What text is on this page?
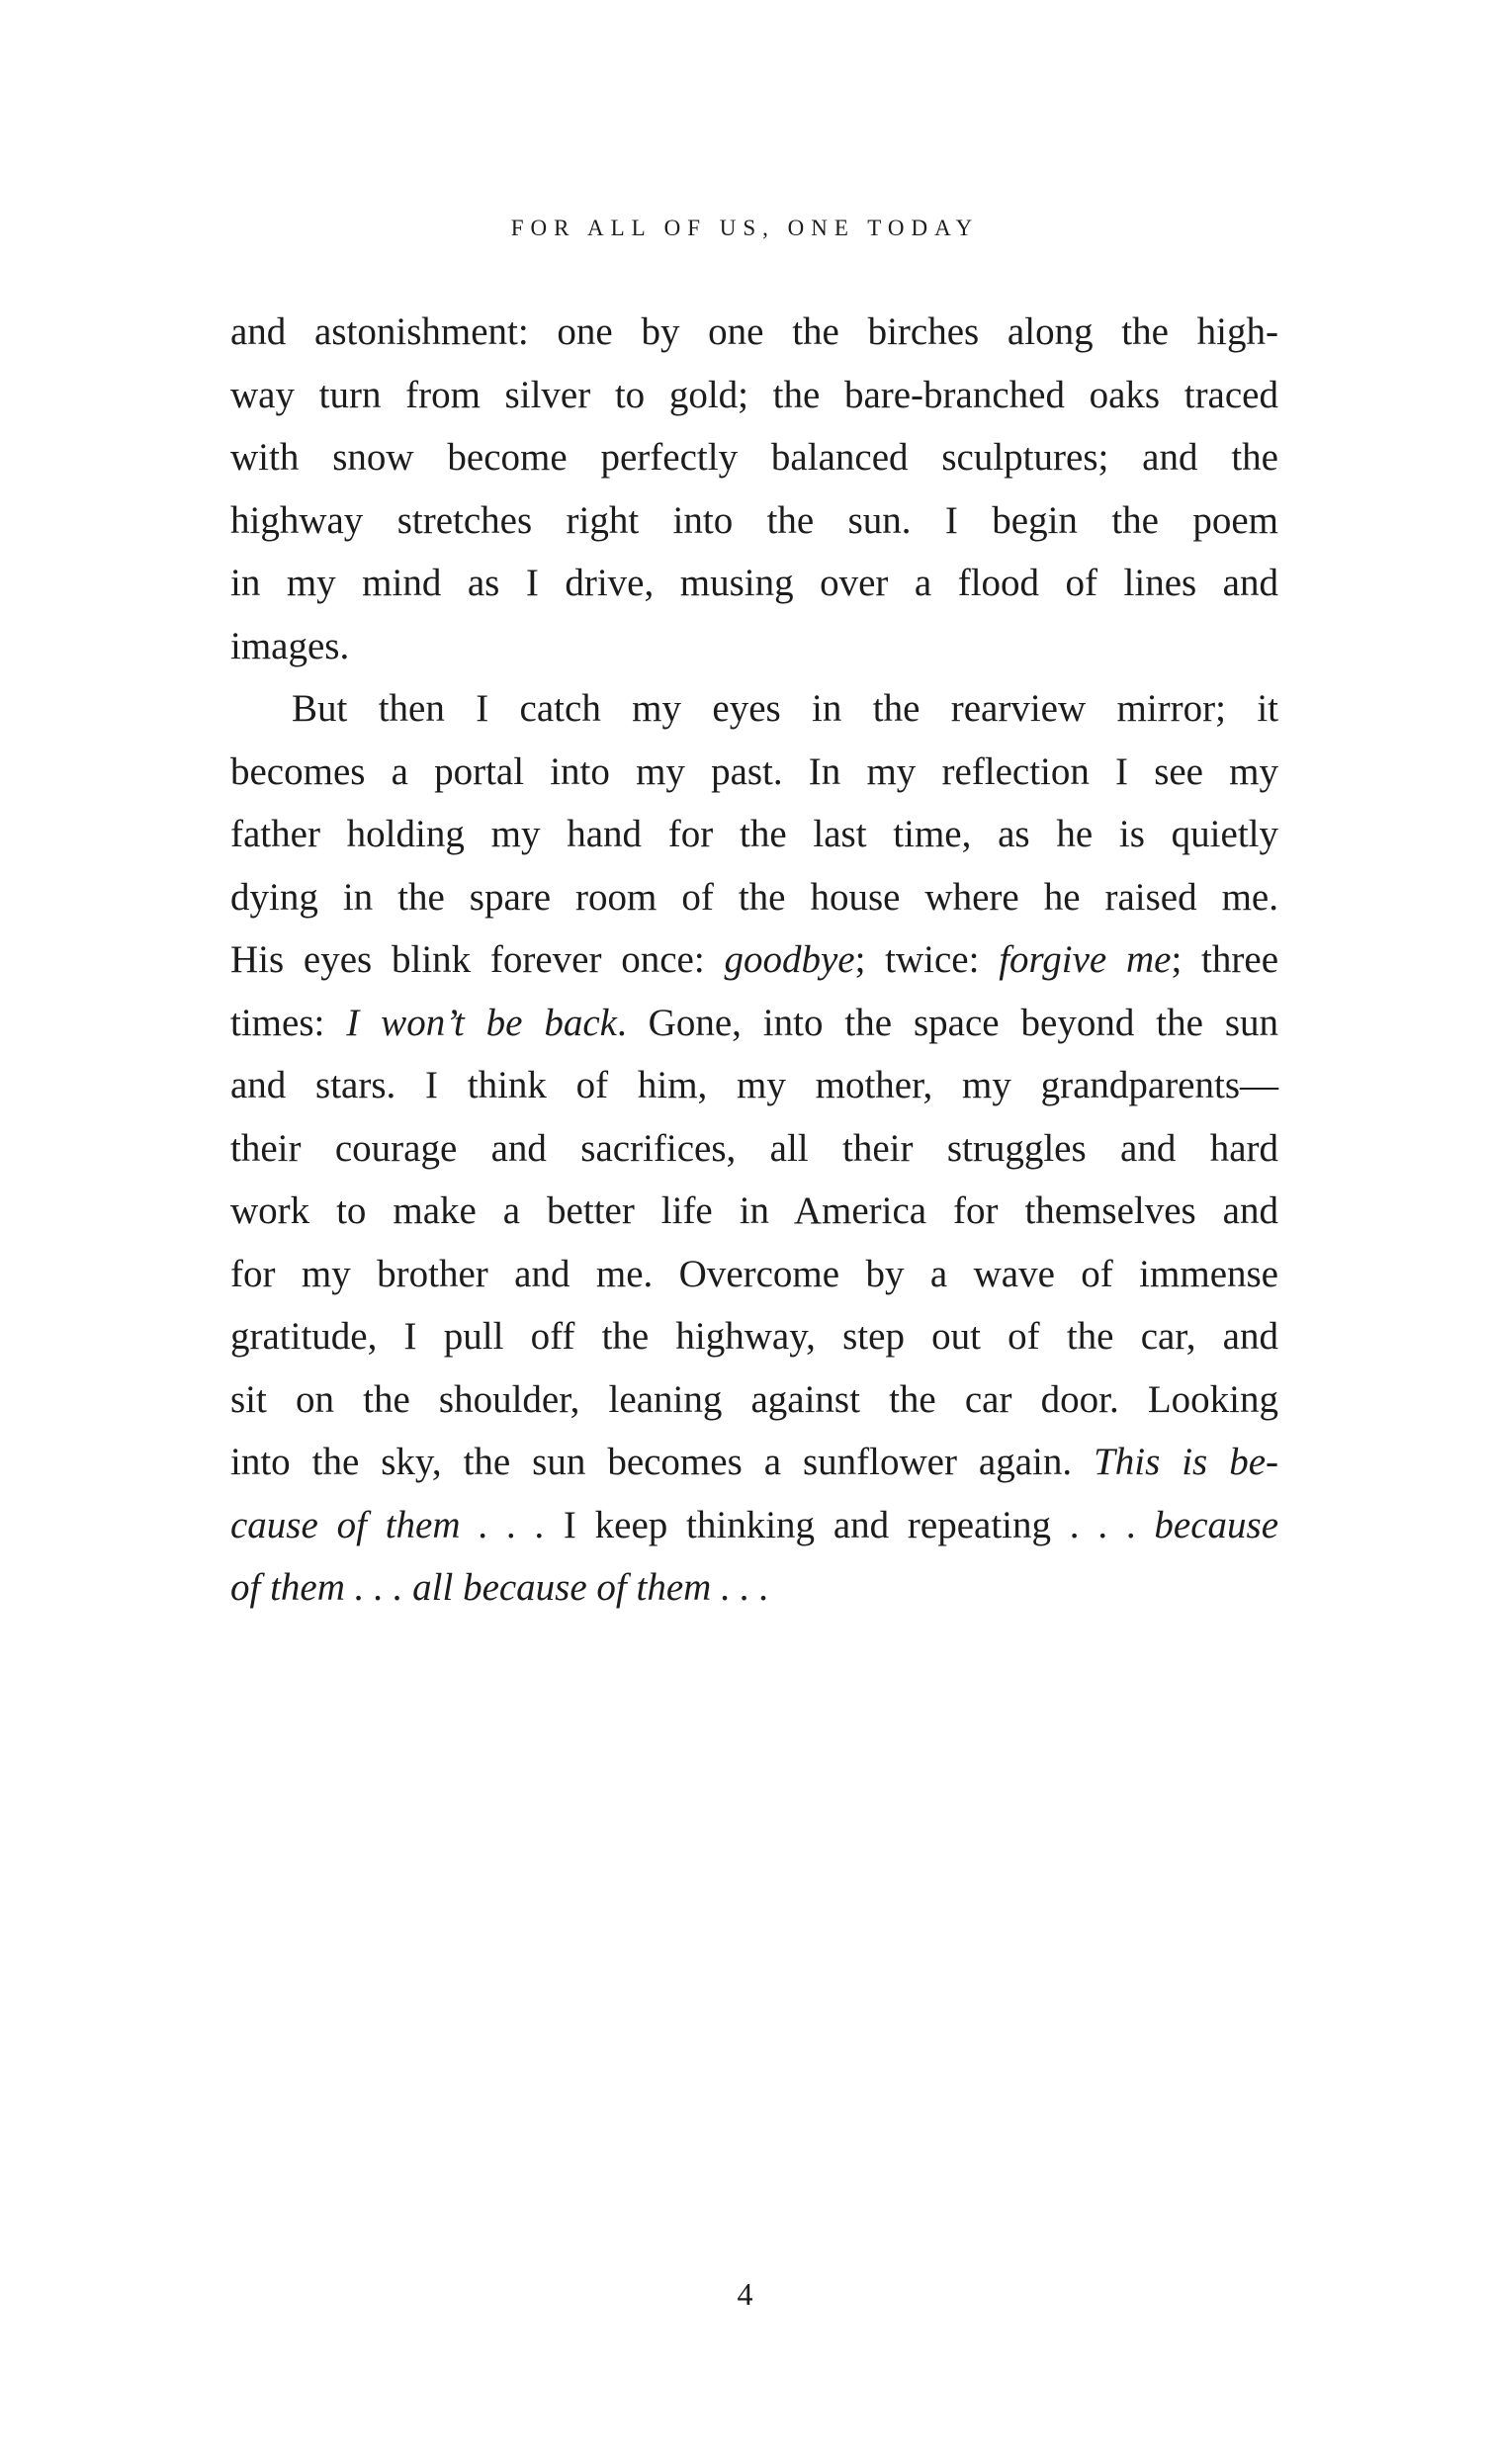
FOR ALL OF US, ONE TODAY
and astonishment: one by one the birches along the high-
way turn from silver to gold; the bare-branched oaks traced
with snow become perfectly balanced sculptures; and the
highway stretches right into the sun. I begin the poem
in my mind as I drive, musing over a flood of lines and
images.
But then I catch my eyes in the rearview mirror; it
becomes a portal into my past. In my reflection I see my
father holding my hand for the last time, as he is quietly
dying in the spare room of the house where he raised me.
His eyes blink forever once: goodbye; twice: forgive me; three
times: I won’t be back. Gone, into the space beyond the sun
and stars. I think of him, my mother, my grandparents—
their courage and sacrifices, all their struggles and hard
work to make a better life in America for themselves and
for my brother and me. Overcome by a wave of immense
gratitude, I pull off the highway, step out of the car, and
sit on the shoulder, leaning against the car door. Looking
into the sky, the sun becomes a sunflower again. This is be-
cause of them . . . I keep thinking and repeating . . . because
of them . . . all because of them . . .
4
